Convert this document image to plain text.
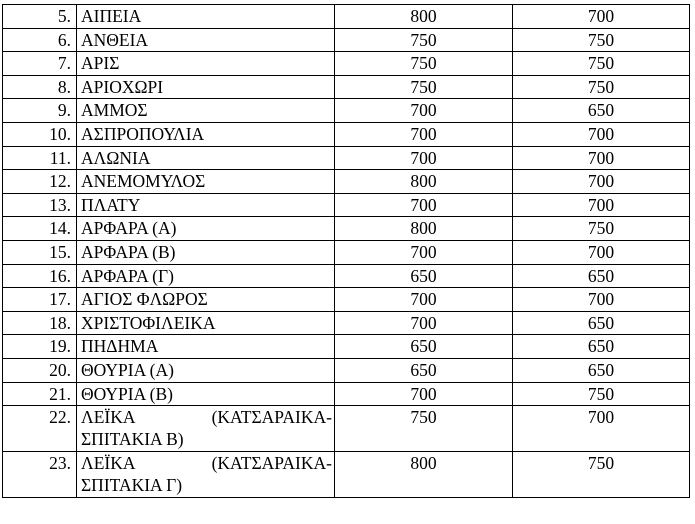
5.	ΑΙΠΕΙΑ	800	700
6.	ΑΝΘΕΙΑ	750	750
7.	ΑΡΙΣ	750	750
8.	ΑΡΙΟΧΩΡΙ	750	750
9.	ΑΜΜΟΣ	700	650
10.	ΑΣΠΡΟΠΟΥΛΙΑ	700	700
11.	ΑΛΩΝΙΑ	700	700
12.	ΑΝΕΜΟΜΥΛΟΣ	800	700
13.	ΠΛΑΤΥ	700	700
14.	ΑΡΦΑΡΑ (Α)	800	750
15.	ΑΡΦΑΡΑ (Β)	700	700
16.	ΑΡΦΑΡΑ (Γ)	650	650
17.	ΑΓΙΟΣ ΦΛΩΡΟΣ	700	700
18.	ΧΡΙΣΤΟΦΙΛΕΙΚΑ	700	650
19.	ΠΗΔΗΜΑ	650	650
20.	ΘΟΥΡΙΑ (Α)	650	650
21.	ΘΟΥΡΙΑ (Β)	700	750
22.	ΛΕΪΚΑ (ΚΑΤΣΑΡΑΙΚΑ-ΣΠΙΤΑΚΙΑ Β)	750	700
23.	ΛΕΪΚΑ (ΚΑΤΣΑΡΑΙΚΑ-ΣΠΙΤΑΚΙΑ Γ)	800	750
